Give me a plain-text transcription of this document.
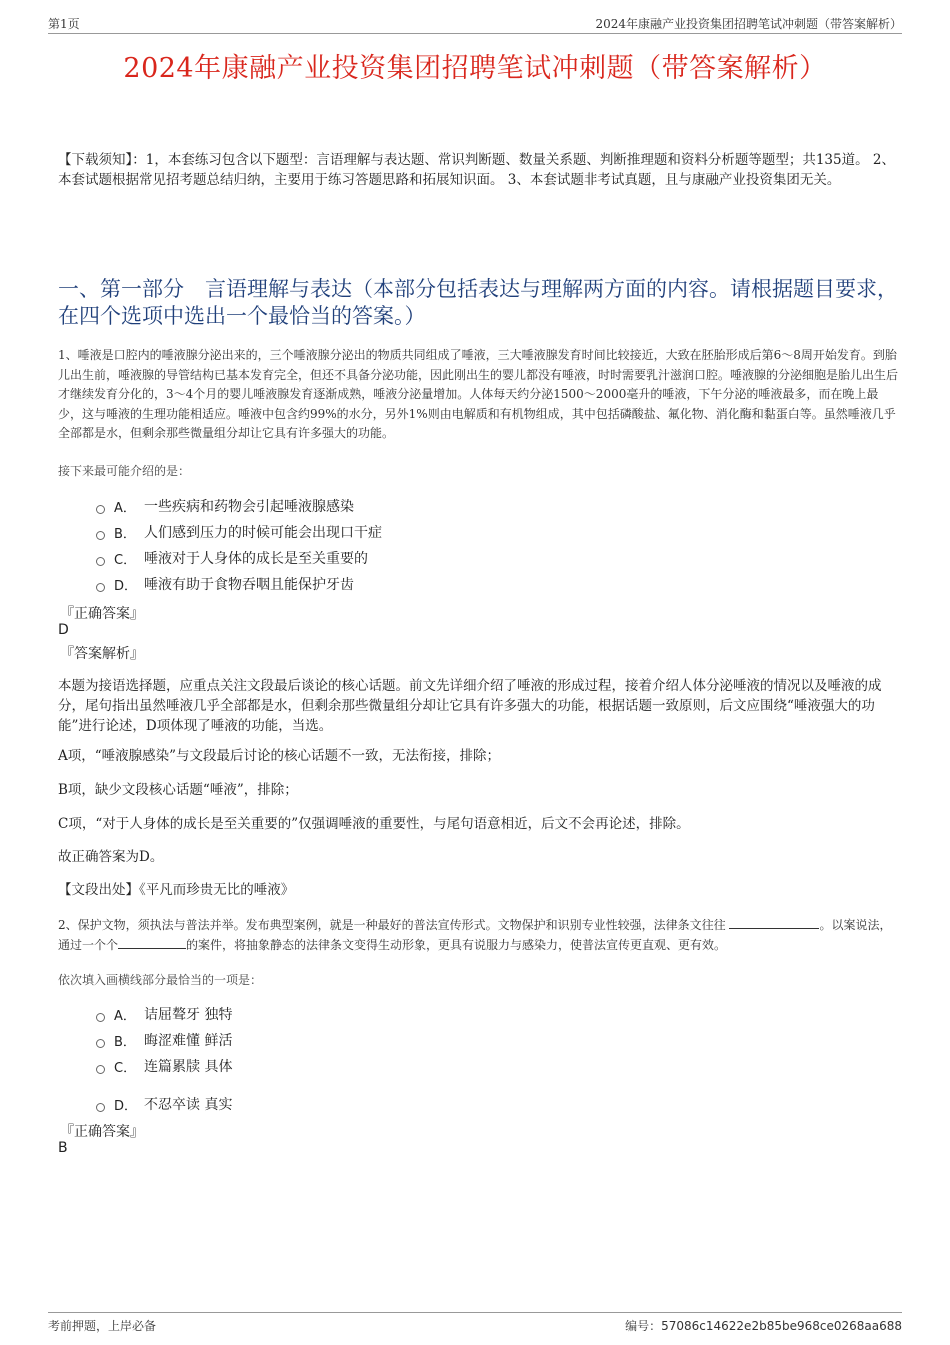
第1页	2024年康融产业投资集团招聘笔试冲刺题（带答案解析）
2024年康融产业投资集团招聘笔试冲刺题（带答案解析）
【下载须知】：1，本套练习包含以下题型：言语理解与表达题、常识判断题、数量关系题、判断推理题和资料分析题等题型；共135道。 2、本套试题根据常见招考题总结归纳，主要用于练习答题思路和拓展知识面。 3、本套试题非考试真题，且与康融产业投资集团无关。
一、第一部分　言语理解与表达（本部分包括表达与理解两方面的内容。请根据题目要求，在四个选项中选出一个最恰当的答案。）
1、唾液是口腔内的唾液腺分泌出来的，三个唾液腺分泌出的物质共同组成了唾液，三大唾液腺发育时间比较接近，大致在胚胎形成后第6～8周开始发育。到胎儿出生前，唾液腺的导管结构已基本发育完全，但还不具备分泌功能，因此刚出生的婴儿都没有唾液，时时需要乳汁滋润口腔。唾液腺的分泌细胞是胎儿出生后才继续发育分化的，3～4个月的婴儿唾液腺发育逐渐成熟，唾液分泌量增加。人体每天约分泌1500～2000毫升的唾液，下午分泌的唾液最多，而在晚上最少，这与唾液的生理功能相适应。唾液中包含约99%的水分，另外1%则由电解质和有机物组成，其中包括磷酸盐、氟化物、消化酶和黏蛋白等。虽然唾液几乎全部都是水，但剩余那些微量组分却让它具有许多强大的功能。
接下来最可能介绍的是：
A． 一些疾病和药物会引起唾液腺感染
B． 人们感到压力的时候可能会出现口干症
C． 唾液对于人身体的成长是至关重要的
D． 唾液有助于食物吞咽且能保护牙齿
『正确答案』
D
『答案解析』
本题为接语选择题，应重点关注文段最后谈论的核心话题。前文先详细介绍了唾液的形成过程，接着介绍人体分泌唾液的情况以及唾液的成分，尾句指出虽然唾液几乎全部都是水，但剩余那些微量组分却让它具有许多强大的功能，根据话题一致原则，后文应围绕“唾液强大的功能”进行论述，D项体现了唾液的功能，当选。
A项，“唾液腺感染”与文段最后讨论的核心话题不一致，无法衔接，排除；
B项，缺少文段核心话题“唾液”，排除；
C项，“对于人身体的成长是至关重要的”仅强调唾液的重要性，与尾句语意相近，后文不会再论述，排除。
故正确答案为D。
【文段出处】《平凡而珍贵无比的唾液》
2、保护文物，须执法与普法并举。发布典型案例，就是一种最好的普法宣传形式。文物保护和识别专业性较强，法律条文往往	。以案说法，通过一个个	的案件，将抽象静态的法律条文变得生动形象，更具有说服力与感染力，使普法宣传更直观、更有效。
依次填入画横线部分最恰当的一项是：
A． 诘屈聱牙 独特
B． 晦涩难懂 鲜活
C． 连篇累牍 具体
D． 不忍卒读 真实
『正确答案』
B
考前押题，上岸必备	编号：57086c14622e2b85be968ce0268aa688
